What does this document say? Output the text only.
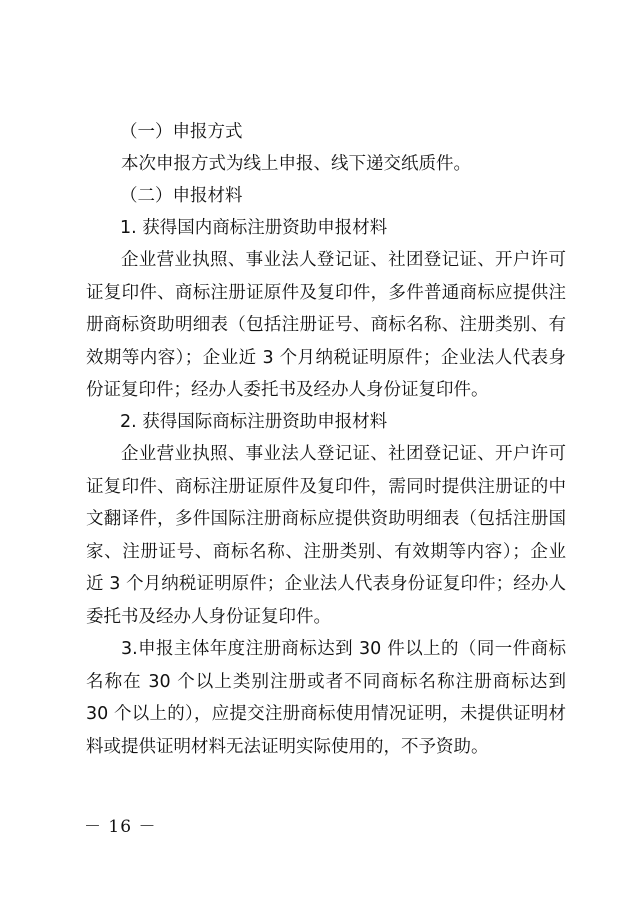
（一）申报方式

本次申报方式为线上申报、线下递交纸质件。

（二）申报材料

1. 获得国内商标注册资助申报材料

企业营业执照、事业法人登记证、社团登记证、开户许可证复印件、商标注册证原件及复印件，多件普通商标应提供注册商标资助明细表（包括注册证号、商标名称、注册类别、有效期等内容）；企业近 3 个月纳税证明原件；企业法人代表身份证复印件；经办人委托书及经办人身份证复印件。

2. 获得国际商标注册资助申报材料

企业营业执照、事业法人登记证、社团登记证、开户许可证复印件、商标注册证原件及复印件，需同时提供注册证的中文翻译件，多件国际注册商标应提供资助明细表（包括注册国家、注册证号、商标名称、注册类别、有效期等内容）；企业近 3 个月纳税证明原件；企业法人代表身份证复印件；经办人委托书及经办人身份证复印件。

3.申报主体年度注册商标达到 30 件以上的（同一件商标名称在 30 个以上类别注册或者不同商标名称注册商标达到 30 个以上的），应提交注册商标使用情况证明，未提供证明材料或提供证明材料无法证明实际使用的，不予资助。

－ 16 －
